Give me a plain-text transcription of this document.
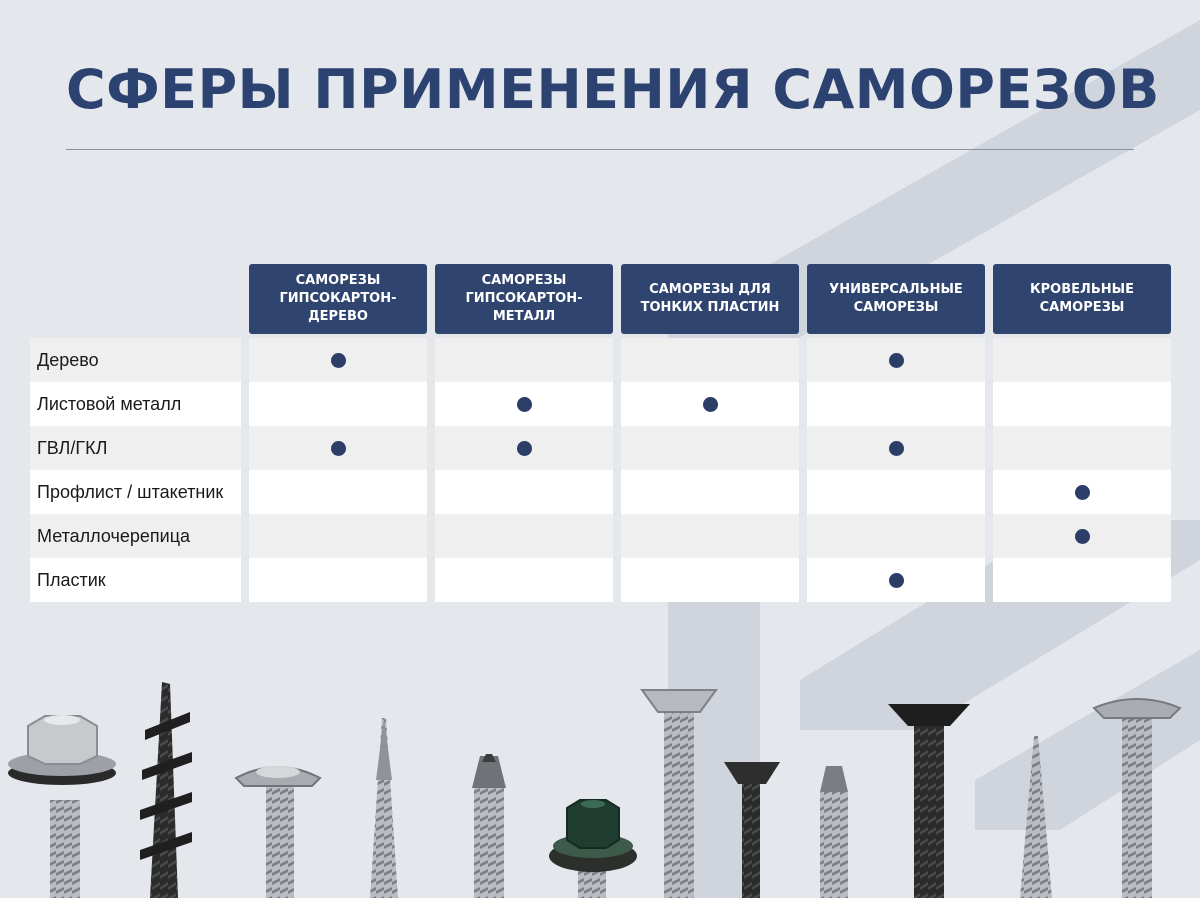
СФЕРЫ ПРИМЕНЕНИЯ САМОРЕЗОВ
САМОРЕЗЫ
ГИПСОКАРТОН-ДЕРЕВО
САМОРЕЗЫ
ГИПСОКАРТОН-МЕТАЛЛ
САМОРЕЗЫ ДЛЯ
ТОНКИХ ПЛАСТИН
УНИВЕРСАЛЬНЫЕ
САМОРЕЗЫ
КРОВЕЛЬНЫЕ
САМОРЕЗЫ
Дерево
Листовой металл
ГВЛ/ГКЛ
Профлист / штакетник
Металлочерепица
Пластик
